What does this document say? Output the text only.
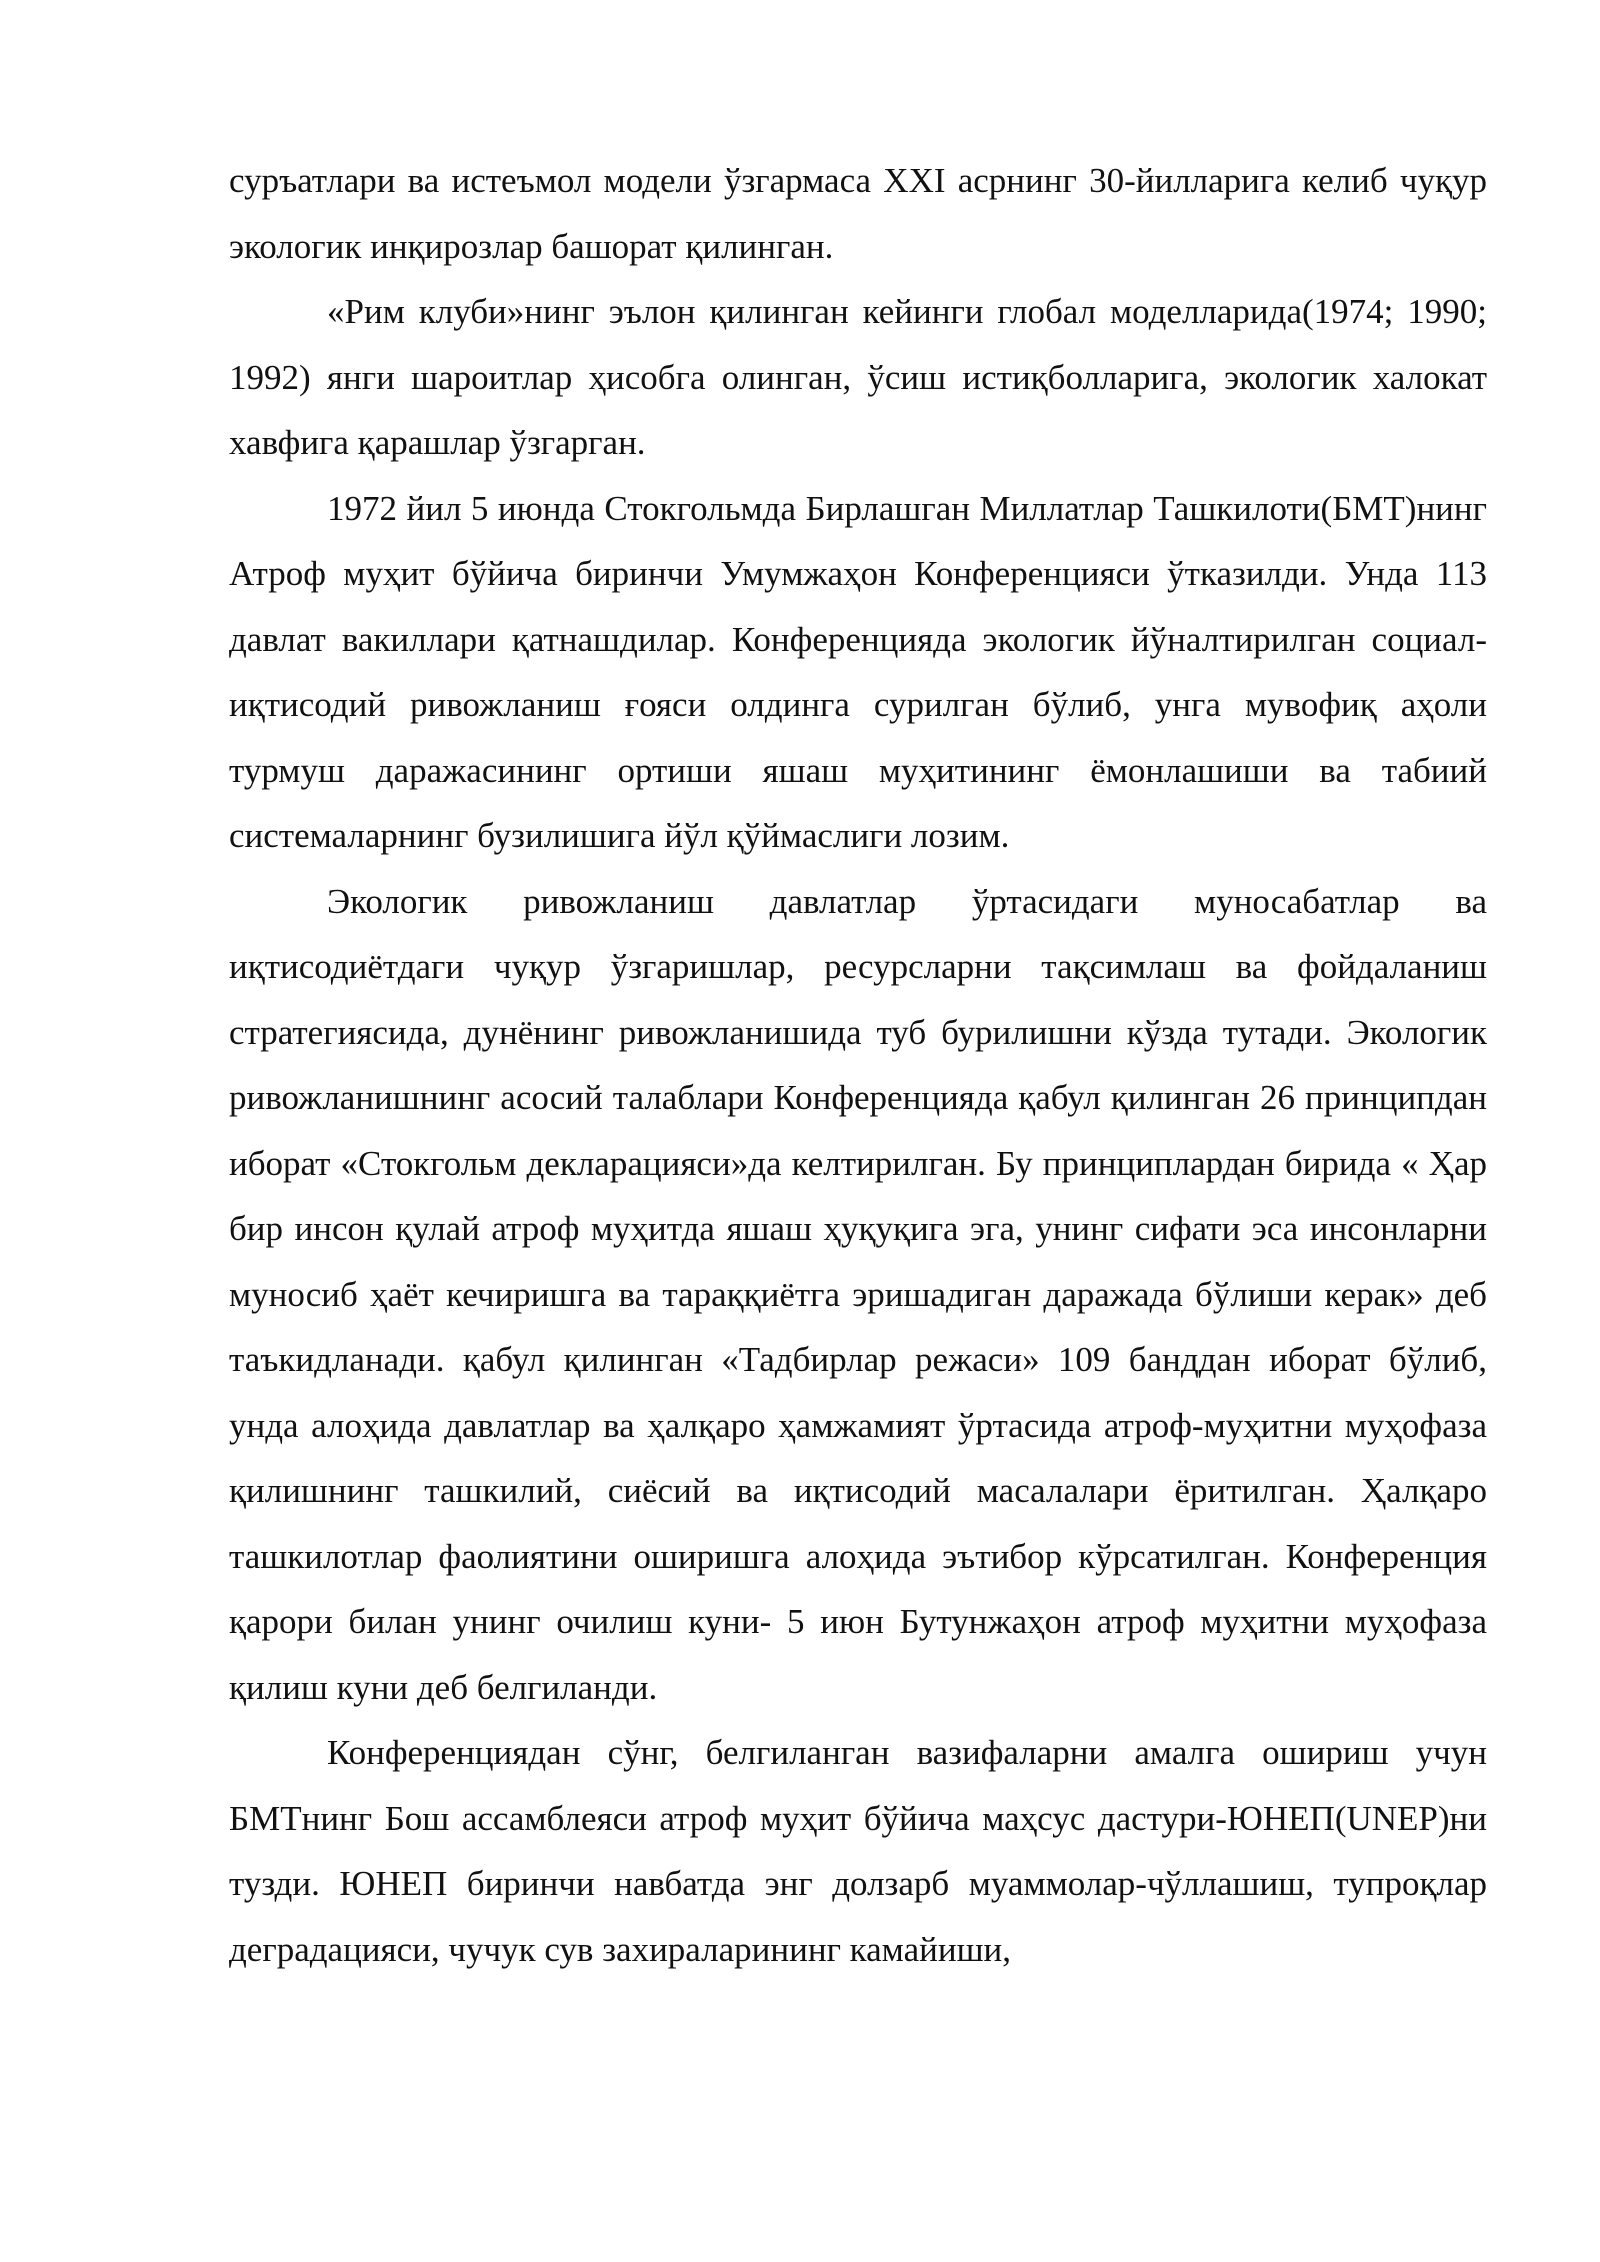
суръатлари ва истеъмол модели ўзгармаса ХХI асрнинг 30-йилларига келиб чуқур экологик инқирозлар башорат қилинган.

«Рим клуби»нинг эълон қилинган кейинги глобал моделларида(1974; 1990; 1992) янги шароитлар ҳисобга олинган, ўсиш истиқболларига, экологик халокат хавфига қарашлар ўзгарган.

1972 йил 5 июнда Стокгольмда Бирлашган Миллатлар Ташкилоти(БМТ)нинг Атроф муҳит бўйича биринчи Умумжаҳон Конференцияси ўтказилди. Унда 113 давлат вакиллари қатнашдилар. Конференцияда экологик йўналтирилган социал-иқтисодий ривожланиш ғояси олдинга сурилган бўлиб, унга мувофиқ аҳоли турмуш даражасининг ортиши яшаш муҳитининг ёмонлашиши ва табиий системаларнинг бузилишига йўл қўймаслиги лозим.

Экологик ривожланиш давлатлар ўртасидаги муносабатлар ва иқтисодиётдаги чуқур ўзгаришлар, ресурсларни тақсимлаш ва фойдаланиш стратегиясида, дунёнинг ривожланишида туб бурилишни кўзда тутади. Экологик ривожланишнинг асосий талаблари Конференцияда қабул қилинган 26 принципдан иборат «Стокгольм декларацияси»да келтирилган. Бу принциплардан бирида « Ҳар бир инсон қулай атроф муҳитда яшаш ҳуқуқига эга, унинг сифати эса инсонларни муносиб ҳаёт кечиришга ва тараққиётга эришадиган даражада бўлиши керак» деб таъкидланади. қабул қилинган «Тадбирлар режаси» 109 банддан иборат бўлиб, унда алоҳида давлатлар ва ҳалқаро ҳамжамият ўртасида атроф-муҳитни муҳофаза қилишнинг ташкилий, сиёсий ва иқтисодий масалалари ёритилган. Ҳалқаро ташкилотлар фаолиятини оширишга алоҳида эътибор кўрсатилган. Конференция қарори билан унинг очилиш куни- 5 июн Бутунжаҳон атроф муҳитни муҳофаза қилиш куни деб белгиланди.

Конференциядан сўнг, белгиланган вазифаларни амалга ошириш учун БМТнинг Бош ассамблеяси атроф муҳит бўйича маҳсус дастури-ЮНЕП(UNEP)ни тузди. ЮНЕП биринчи навбатда энг долзарб муаммолар-чўллашиш, тупроқлар деградацияси, чучук сув захираларининг камайиши,
